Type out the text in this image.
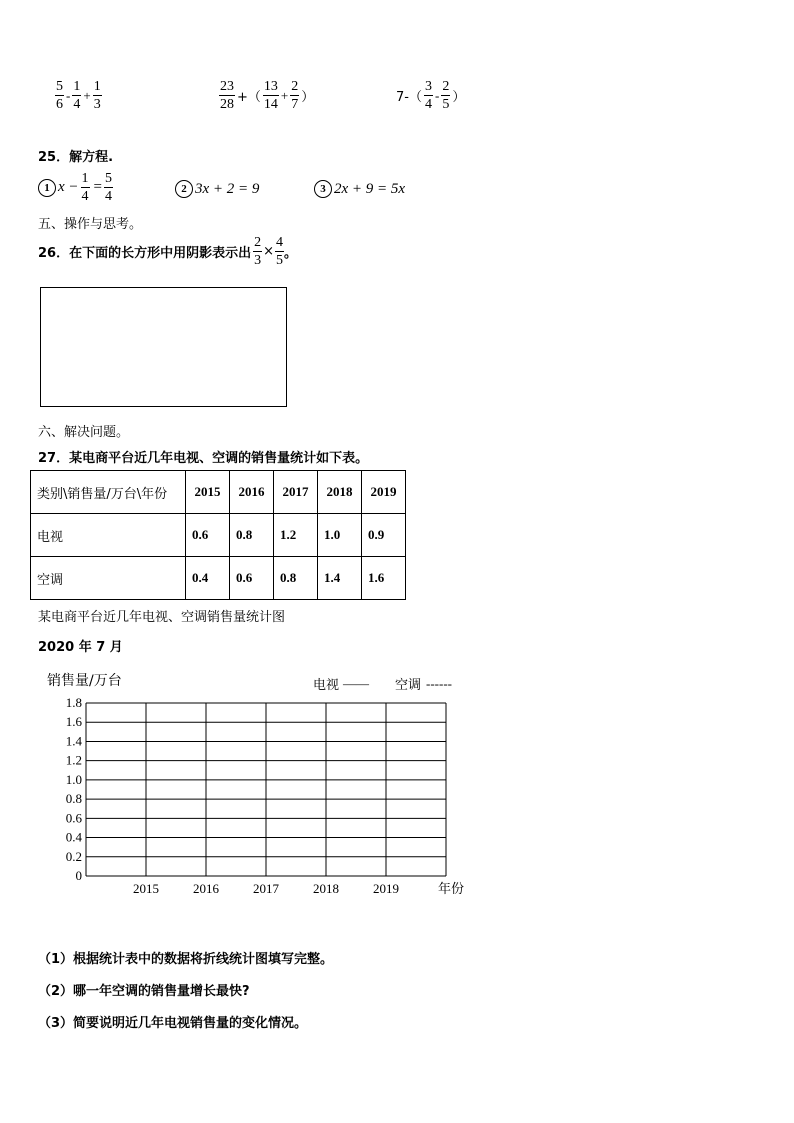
$\frac{5}{6} - \frac{1}{4} + \frac{1}{3}$	$\frac{23}{28}$ +（ $\frac{13}{14} + \frac{2}{7}$ ）	$7-( \frac{3}{4} - \frac{2}{5}$ ）
25．解方程.
1 $x - \frac{1}{4} = \frac{5}{4}$	2 3x + 2 = 9	3 2x + 9 = 5x
五、操作与思考。
26．在下面的长方形中用阴影表示出 $\frac{2}{3} \times \frac{4}{5}$ 。
六、解决问题。
27．某电商平台近几年电视、空调的销售量统计如下表。
类别\销售量/万台\年份	2015	2016	2017	2018	2019
电视	0.6	0.8	1.2	1.0	0.9
空调	0.4	0.6	0.8	1.4	1.6
某电商平台近几年电视、空调销售量统计图
2020 年 7 月
0
0.2
0.4
0.6
0.8
1.0
1.2
1.4
1.6
1.8
2015	2016	2017	2018	2019
销售量/万台
年份
电视 —— 空调 ------
（1）根据统计表中的数据将折线统计图填写完整。
（2）哪一年空调的销售量增长最快?
（3）简要说明近几年电视销售量的变化情况。
